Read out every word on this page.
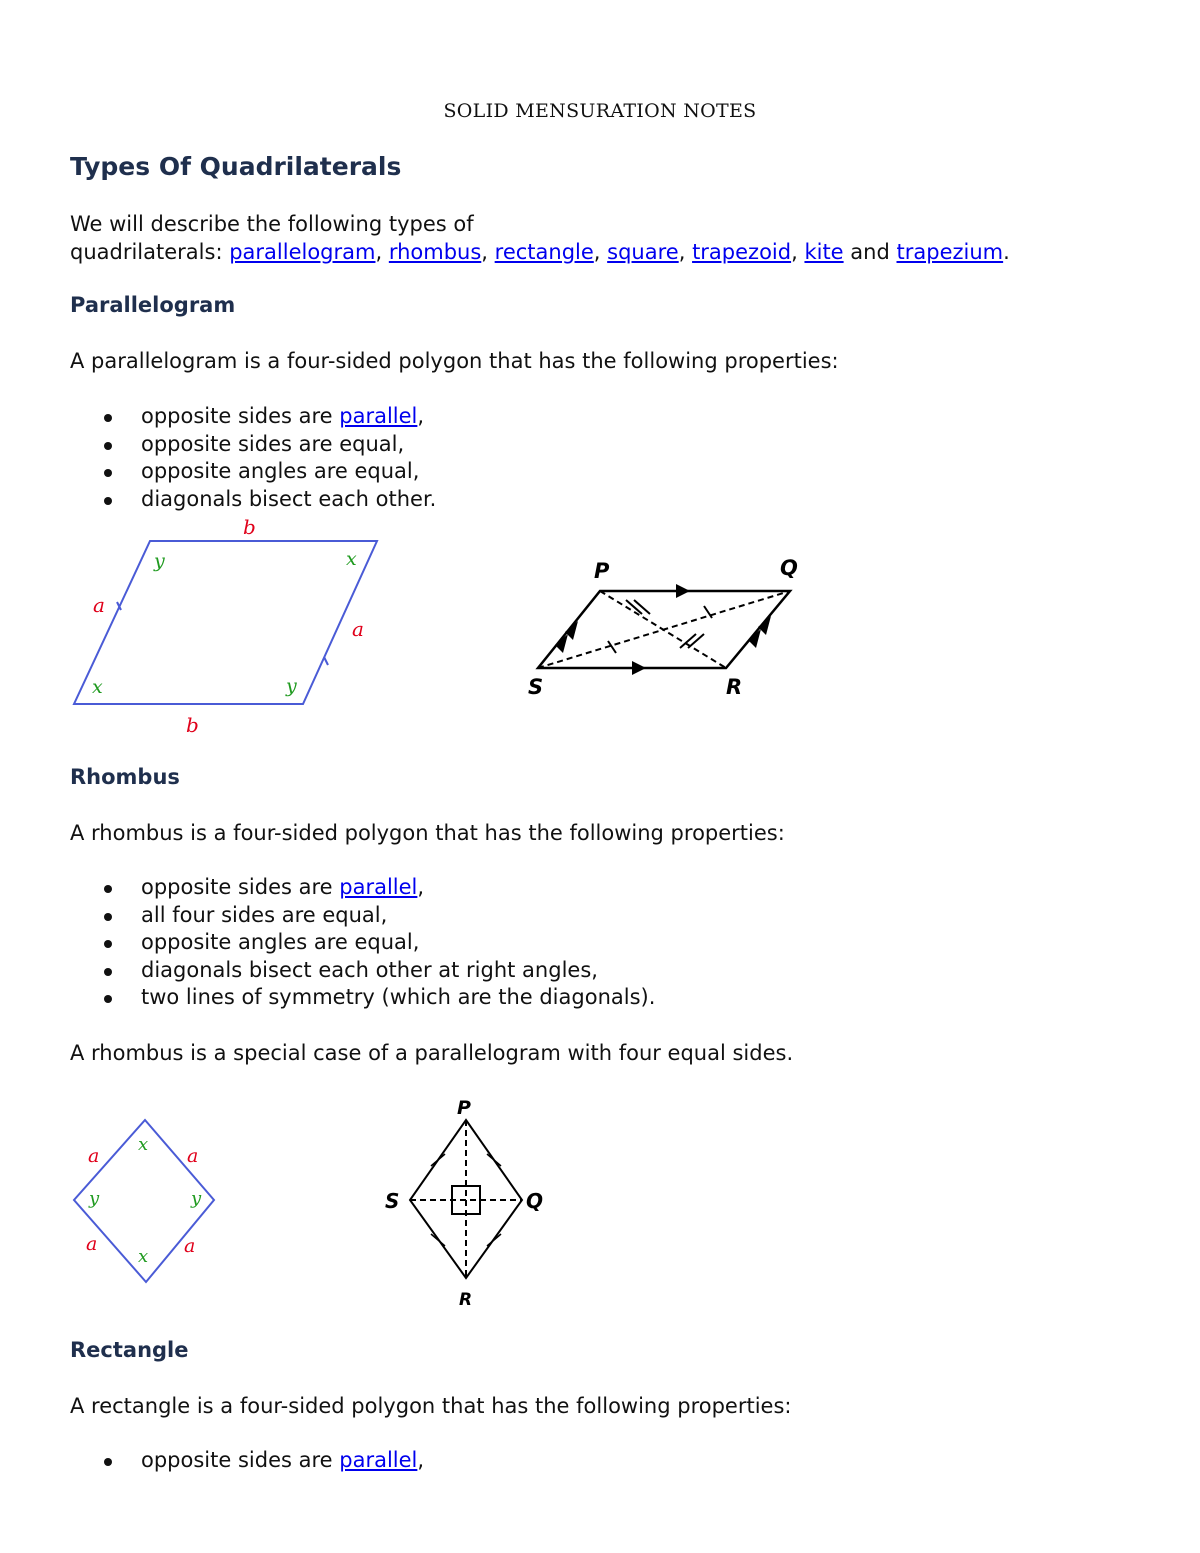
SOLID MENSURATION NOTES
Types Of Quadrilaterals
We will describe the following types of
quadrilaterals: parallelogram, rhombus, rectangle, square, trapezoid, kite and trapezium.
Parallelogram
A parallelogram is a four-sided polygon that has the following properties:
opposite sides are parallel,
opposite sides are equal,
opposite angles are equal,
diagonals bisect each other.
b
b
a
a
y	x
x	y
P	Q
S	R
Rhombus
A rhombus is a four-sided polygon that has the following properties:
opposite sides are parallel,
all four sides are equal,
opposite angles are equal,
diagonals bisect each other at right angles,
two lines of symmetry (which are the diagonals).
A rhombus is a special case of a parallelogram with four equal sides.
a	a
a	a
x
x
y	y
P
Q
R
S
Rectangle
A rectangle is a four-sided polygon that has the following properties:
opposite sides are parallel,
